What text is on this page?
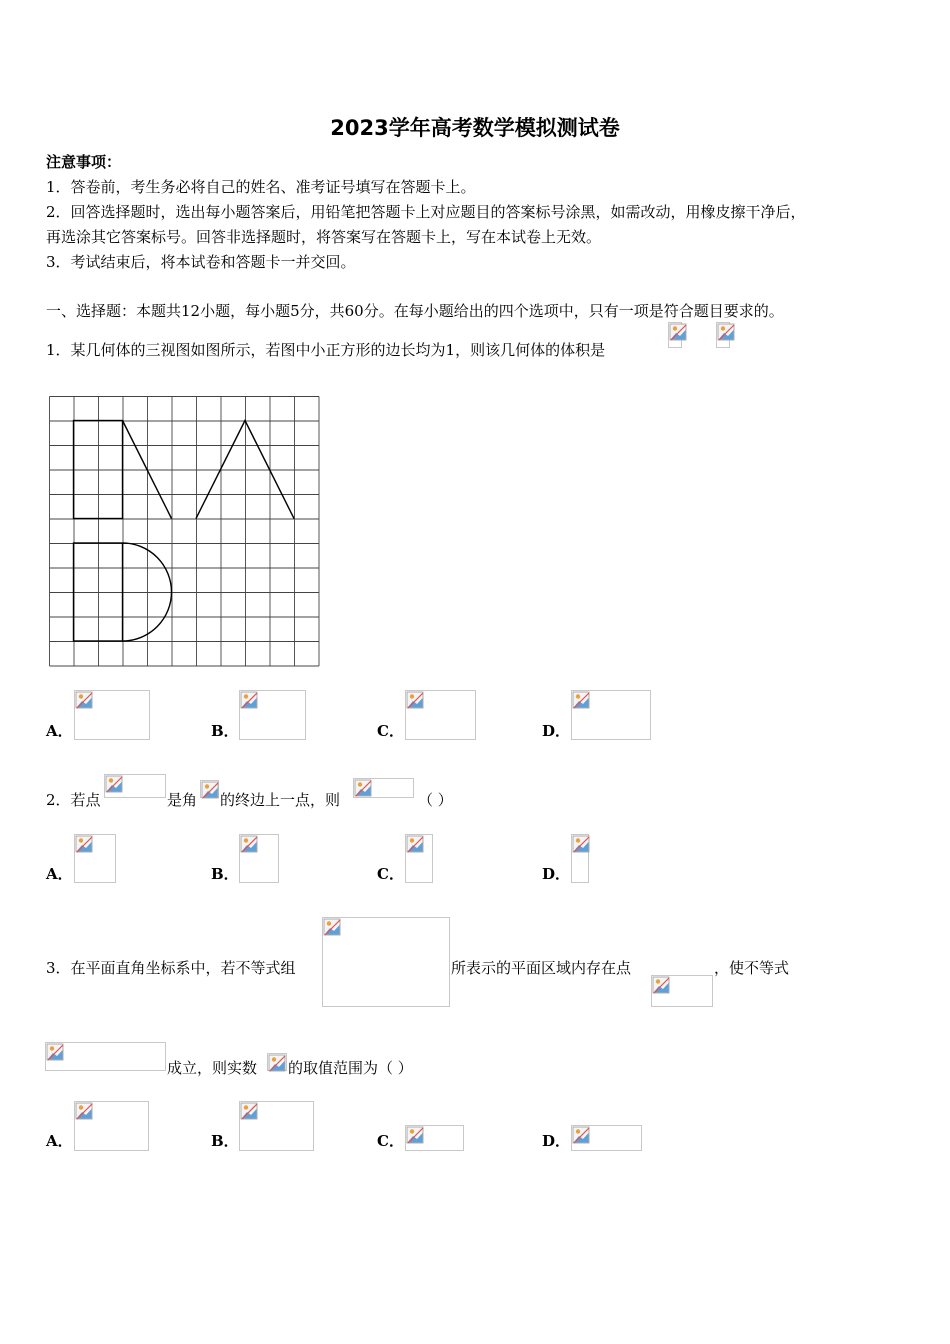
2023学年高考数学模拟测试卷
注意事项：
1．答卷前，考生务必将自己的姓名、准考证号填写在答题卡上。
2．回答选择题时，选出每小题答案后，用铅笔把答题卡上对应题目的答案标号涂黑，如需改动，用橡皮擦干净后，
再选涂其它答案标号。回答非选择题时，将答案写在答题卡上，写在本试卷上无效。
3．考试结束后，将本试卷和答题卡一并交回。
一、选择题：本题共12小题，每小题5分，共60分。在每小题给出的四个选项中，只有一项是符合题目要求的。
1．某几何体的三视图如图所示，若图中小正方形的边长均为1，则该几何体的体积是
A．	B．	C．	D．
2．若点	是角 的终边上一点，则	（ ）
A．	B．	C．	D．
3．在平面直角坐标系中，若不等式组	所表示的平面区域内存在点	，使不等式
成立，则实数 的取值范围为（ ）
A．	B．	C．	D．
